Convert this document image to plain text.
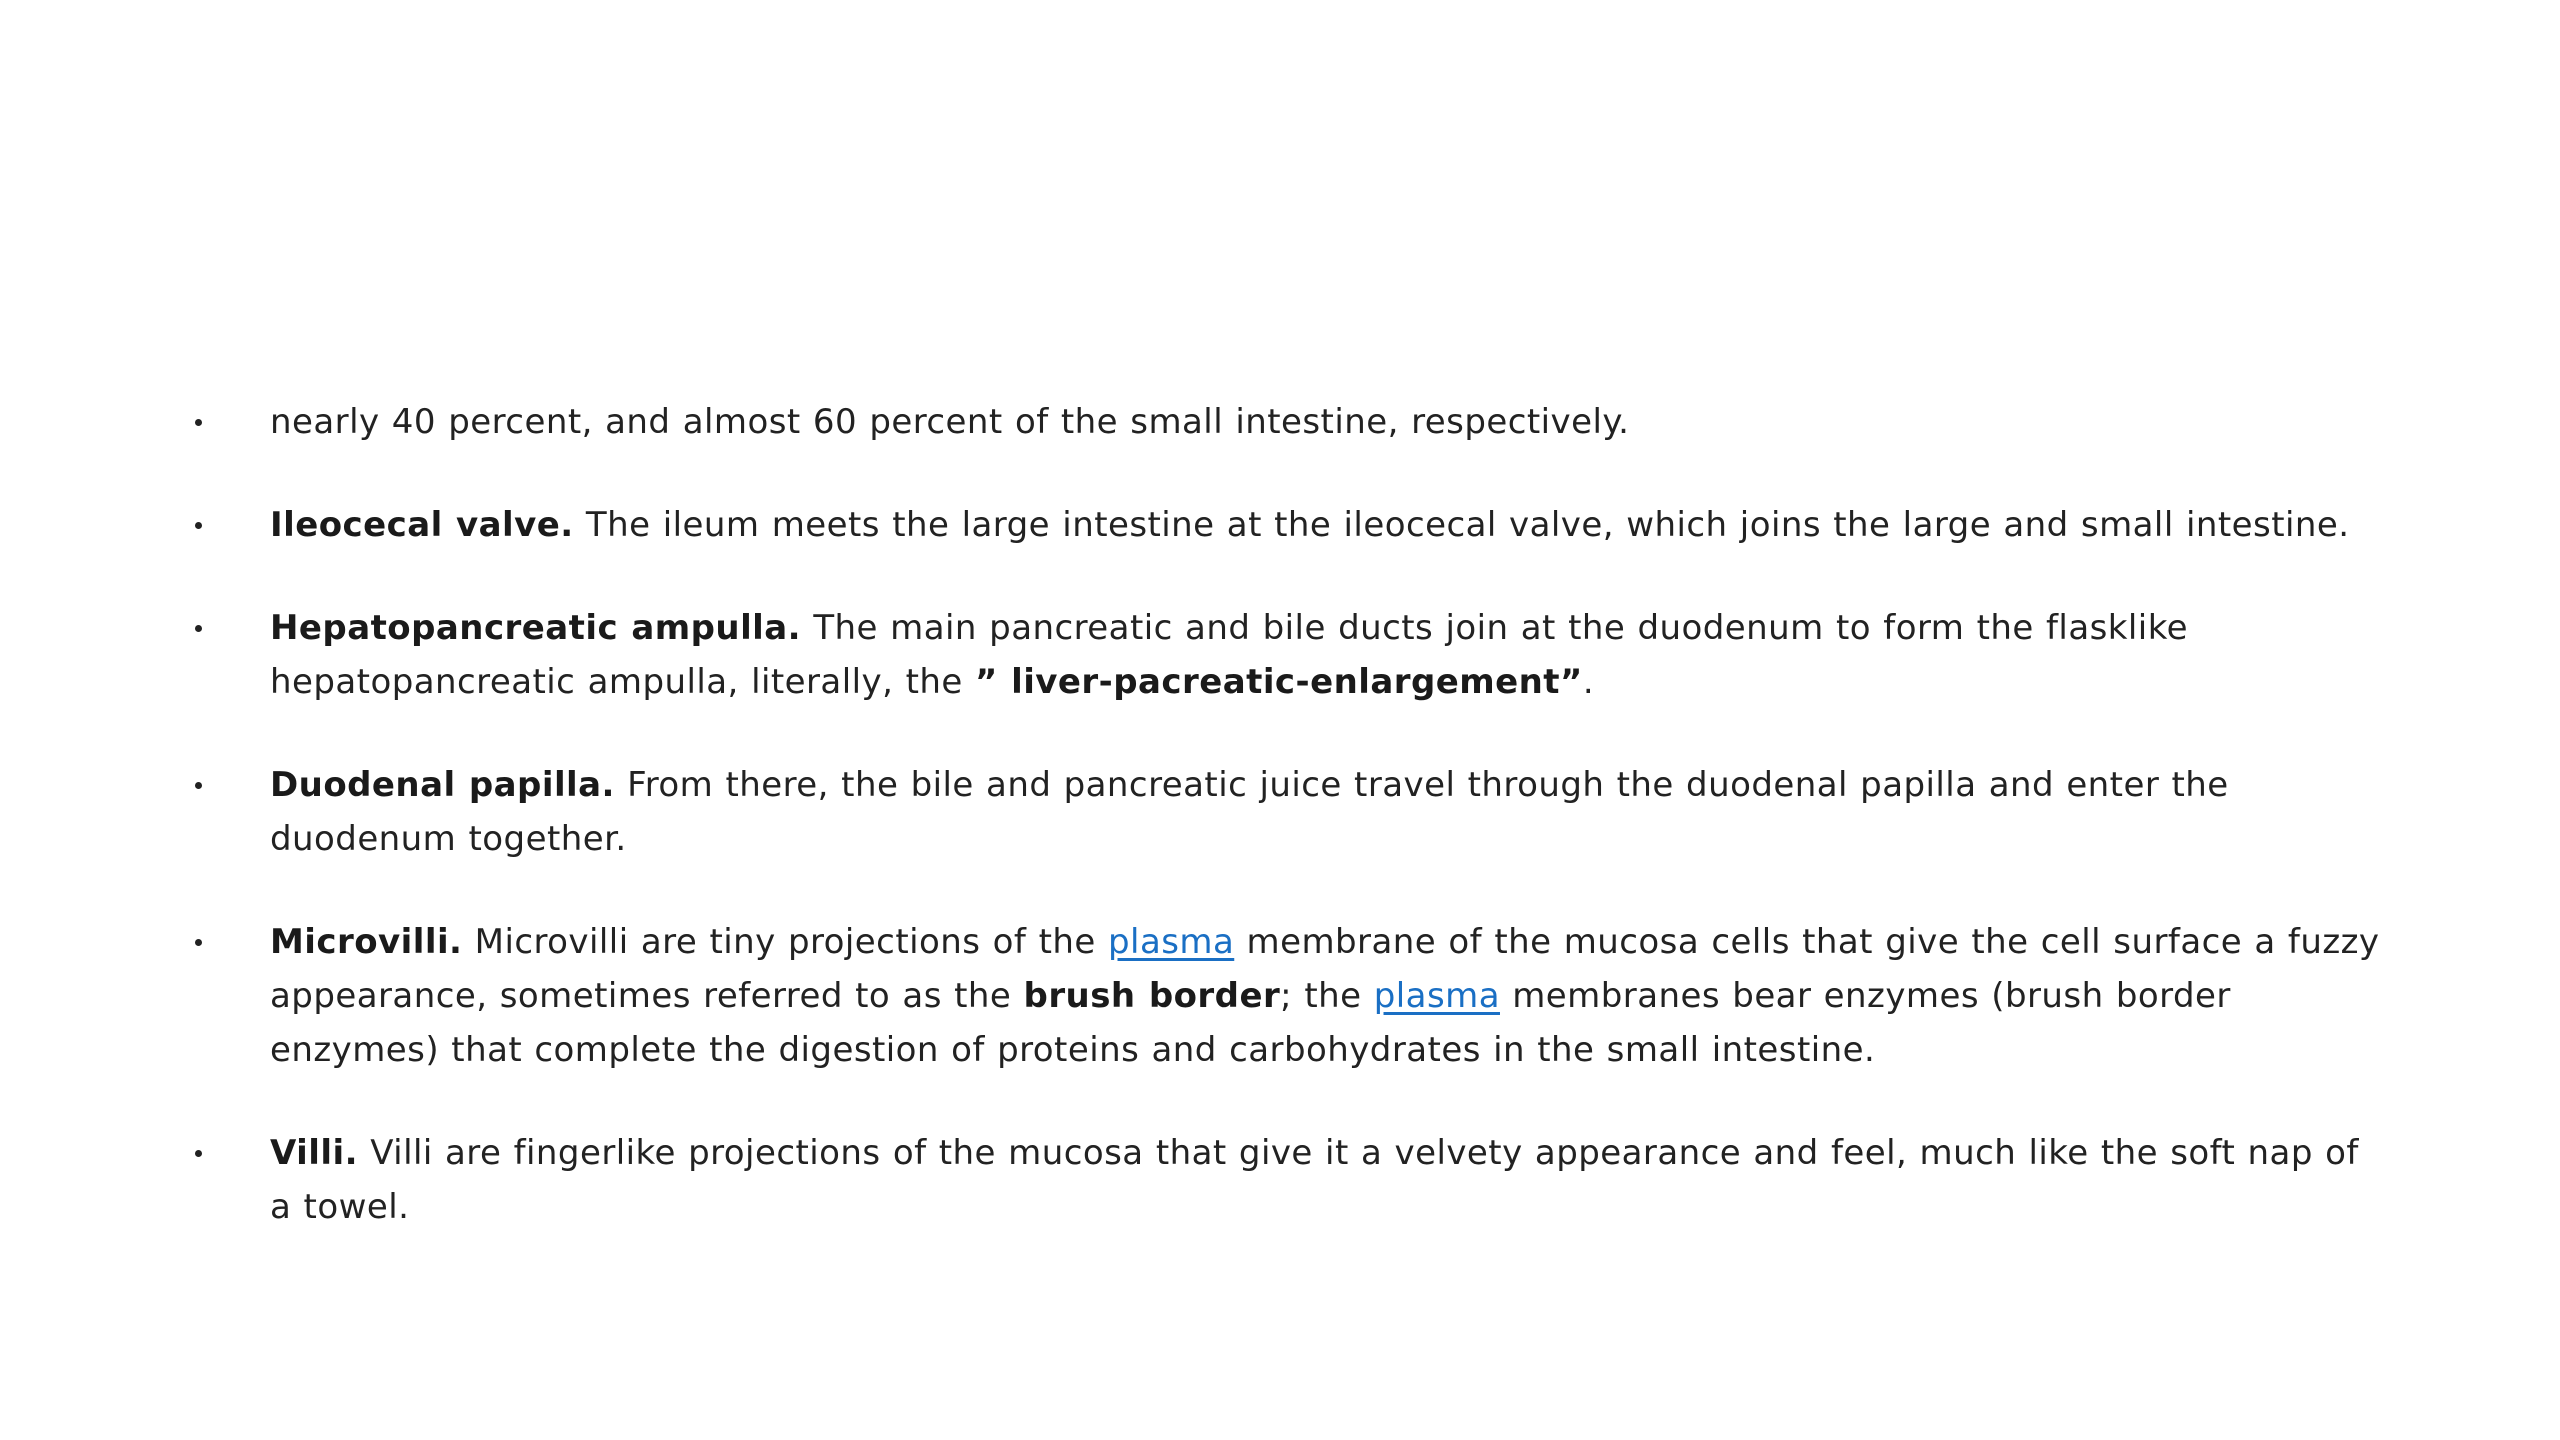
nearly 40 percent, and almost 60 percent of the small intestine, respectively.
Ileocecal valve. The ileum meets the large intestine at the ileocecal valve, which joins the large and small intestine.
Hepatopancreatic ampulla. The main pancreatic and bile ducts join at the duodenum to form the flasklike hepatopancreatic ampulla, literally, the ” liver-pacreatic-enlargement”.
Duodenal papilla. From there, the bile and pancreatic juice travel through the duodenal papilla and enter the duodenum together.
Microvilli. Microvilli are tiny projections of the plasma membrane of the mucosa cells that give the cell surface a fuzzy appearance, sometimes referred to as the brush border; the plasma membranes bear enzymes (brush border enzymes) that complete the digestion of proteins and carbohydrates in the small intestine.
Villi. Villi are fingerlike projections of the mucosa that give it a velvety appearance and feel, much like the soft nap of a towel.
